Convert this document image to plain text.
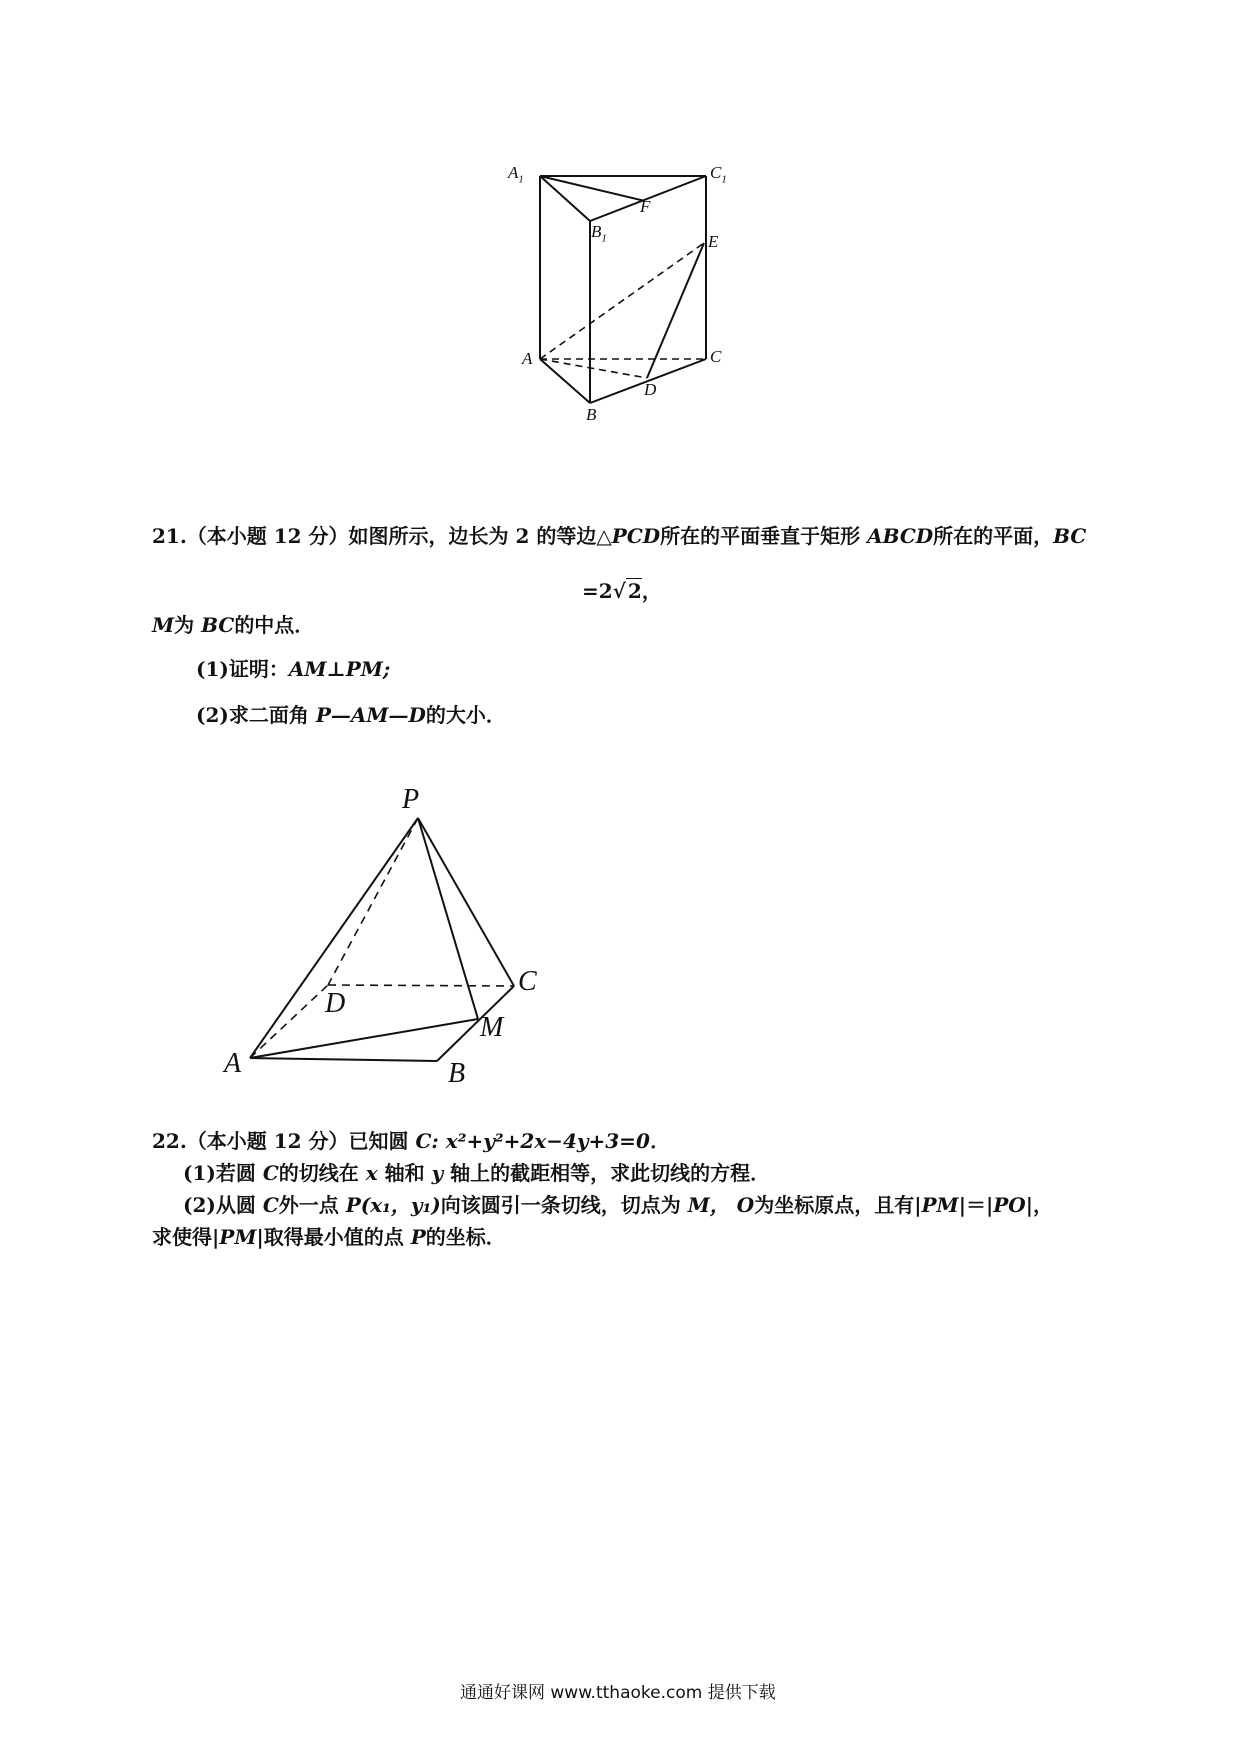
$A_1$	$C_1$
$B_1$
F
E
A	C
D
B
21.（本小题 12 分）如图所示，边长为 2 的等边△PCD所在的平面垂直于矩形 ABCD所在的平面，BC
=2√ 2，
M为 BC的中点．
(1)证明：AM⊥PM;
(2)求二面角 P—AM—D的大小．
P
C
D
M
A	B
22.（本小题 12 分）已知圆 C: x²+y²+2x−4y+3=0．
(1)若圆 C的切线在 x 轴和 y 轴上的截距相等，求此切线的方程．
(2)从圆 C外一点 P(x₁，y₁)向该圆引一条切线，切点为 M， O为坐标原点，且有|PM|＝|PO|，
求使得|PM|取得最小值的点 P的坐标．
通通好课网 www.tthaoke.com 提供下载
